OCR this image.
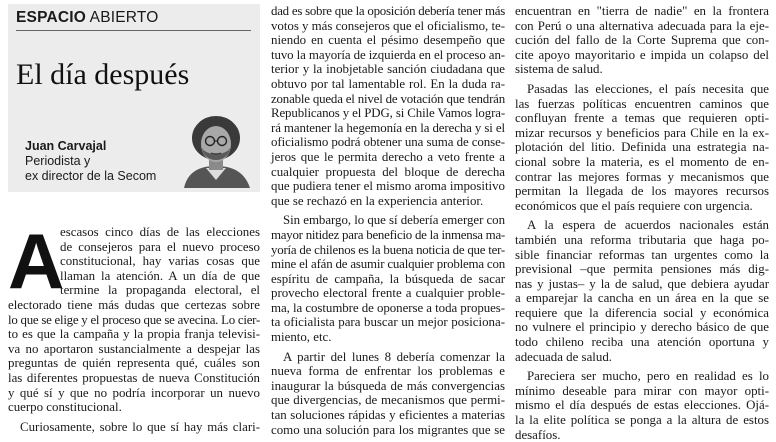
ESPACIO ABIERTO
El día después
Juan Carvajal
Periodista y
ex director de la Secom
A
escasos cinco días de las elecciones
de consejeros para el nuevo proceso
constitucional, hay varias cosas que
llaman la atención. A un día de que
termine la propaganda electoral, el
electorado tiene más dudas que certezas sobre
lo que se elige y el proceso que se avecina. Lo cier-
to es que la campaña y la propia franja televisi-
va no aportaron sustancialmente a despejar las
preguntas de quién representa qué, cuáles son
las diferentes propuestas de nueva Constitución
y qué sí y que no podría incorporar un nuevo
cuerpo constitucional.
Curiosamente, sobre lo que sí hay más clari-
dad es sobre que la oposición debería tener más
votos y más consejeros que el oficialismo, te-
niendo en cuenta el pésimo desempeño que
tuvo la mayoría de izquierda en el proceso an-
terior y la inobjetable sanción ciudadana que
obtuvo por tal lamentable rol. En la duda ra-
zonable queda el nivel de votación que tendrán
Republicanos y el PDG, si Chile Vamos logra-
rá mantener la hegemonía en la derecha y si el
oficialismo podrá obtener una suma de conse-
jeros que le permita derecho a veto frente a
cualquier propuesta del bloque de derecha
que pudiera tener el mismo aroma impositivo
que se rechazó en la experiencia anterior.
Sin embargo, lo que sí debería emerger con
mayor nitidez para beneficio de la inmensa ma-
yoría de chilenos es la buena noticia de que ter-
mine el afán de asumir cualquier problema con
espíritu de campaña, la búsqueda de sacar
provecho electoral frente a cualquier proble-
ma, la costumbre de oponerse a toda propues-
ta oficialista para buscar un mejor posiciona-
miento, etc.
A partir del lunes 8 debería comenzar la
nueva forma de enfrentar los problemas e
inaugurar la búsqueda de más convergencias
que divergencias, de mecanismos que permi-
tan soluciones rápidas y eficientes a materias
como una solución para los migrantes que se
encuentran en "tierra de nadie" en la frontera
con Perú o una alternativa adecuada para la eje-
cución del fallo de la Corte Suprema que con-
cite apoyo mayoritario e impida un colapso del
sistema de salud.
Pasadas las elecciones, el país necesita que
las fuerzas políticas encuentren caminos que
confluyan frente a temas que requieren opti-
mizar recursos y beneficios para Chile en la ex-
plotación del litio. Definida una estrategia na-
cional sobre la materia, es el momento de en-
contrar las mejores formas y mecanismos que
permitan la llegada de los mayores recursos
económicos que el país requiere con urgencia.
A la espera de acuerdos nacionales están
también una reforma tributaria que haga po-
sible financiar reformas tan urgentes como la
previsional –que permita pensiones más dig-
nas y justas– y la de salud, que debiera ayudar
a emparejar la cancha en un área en la que se
requiere que la diferencia social y económica
no vulnere el principio y derecho básico de que
todo chileno reciba una atención oportuna y
adecuada de salud.
Pareciera ser mucho, pero en realidad es lo
mínimo deseable para mirar con mayor opti-
mismo el día después de estas elecciones. Ojá-
la la elite política se ponga a la altura de estos
desafíos.
